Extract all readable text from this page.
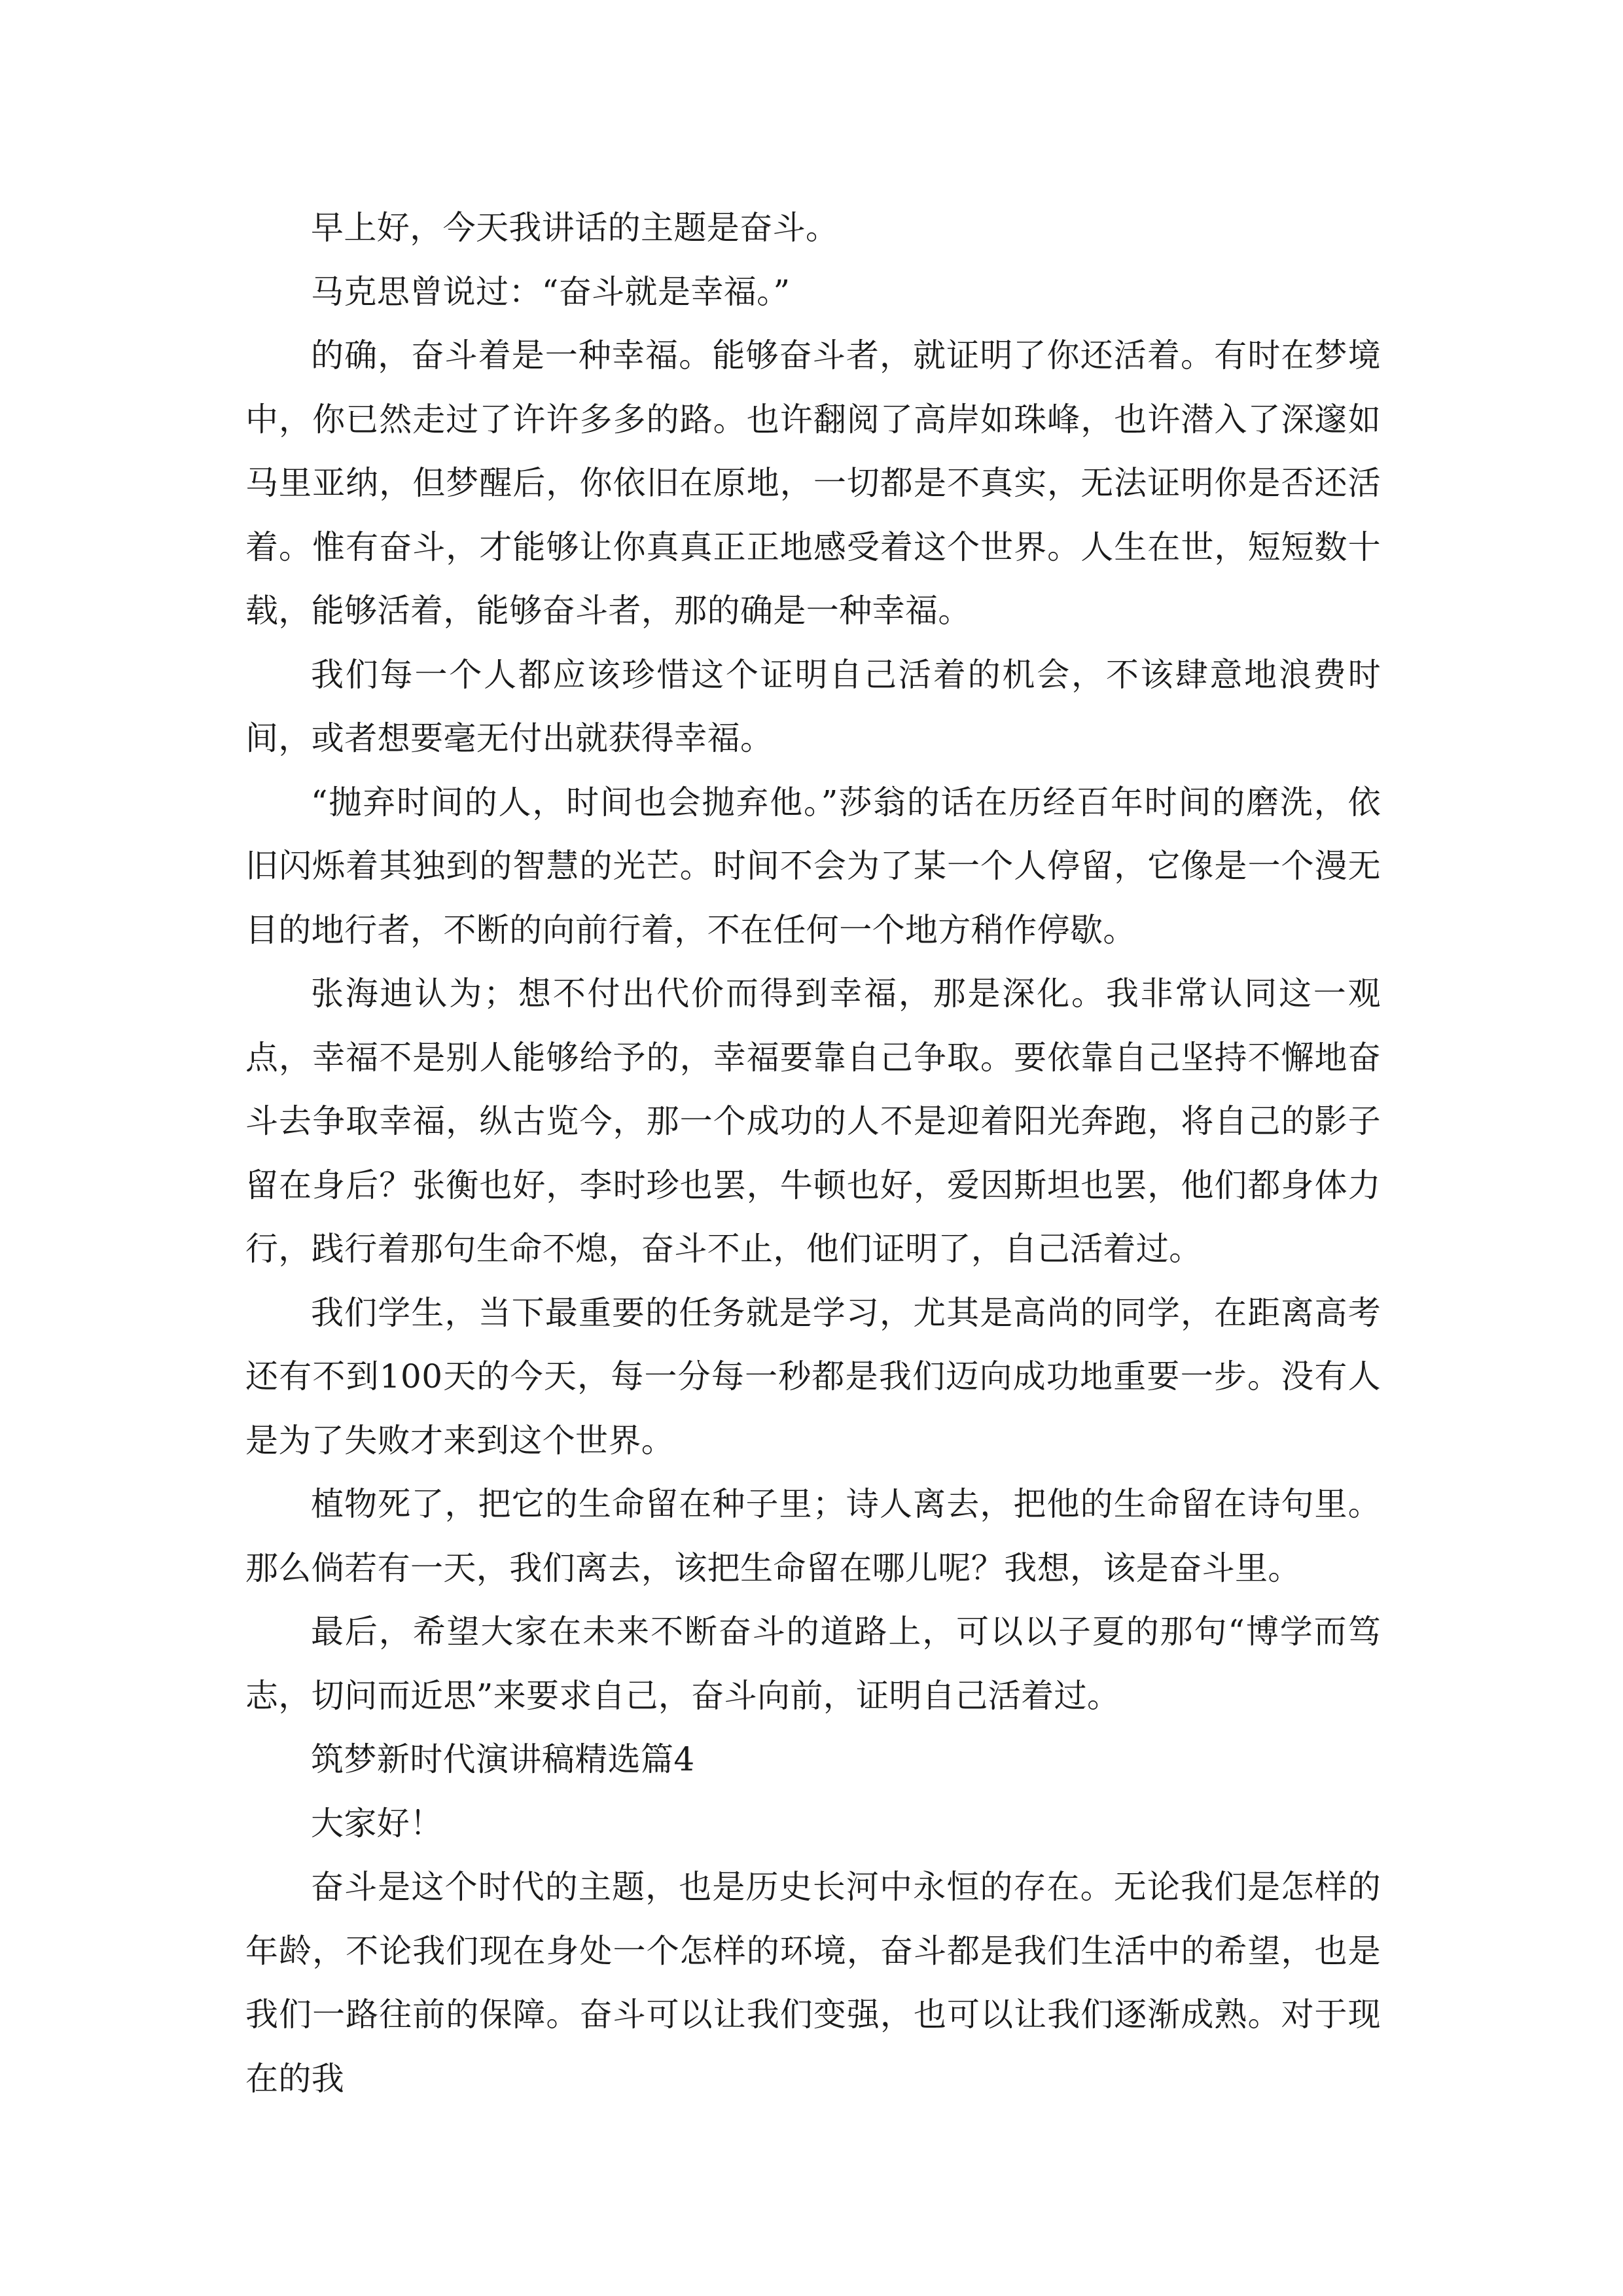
早上好，今天我讲话的主题是奋斗。

马克思曾说过：“奋斗就是幸福。”

的确，奋斗着是一种幸福。能够奋斗者，就证明了你还活着。有时在梦境中，你已然走过了许许多多的路。也许翻阅了高岸如珠峰，也许潜入了深邃如马里亚纳，但梦醒后，你依旧在原地，一切都是不真实，无法证明你是否还活着。惟有奋斗，才能够让你真真正正地感受着这个世界。人生在世，短短数十载，能够活着，能够奋斗者，那的确是一种幸福。

我们每一个人都应该珍惜这个证明自己活着的机会，不该肆意地浪费时间，或者想要毫无付出就获得幸福。

“抛弃时间的人，时间也会抛弃他。”莎翁的话在历经百年时间的磨洗，依旧闪烁着其独到的智慧的光芒。时间不会为了某一个人停留，它像是一个漫无目的地行者，不断的向前行着，不在任何一个地方稍作停歇。

张海迪认为；想不付出代价而得到幸福，那是深化。我非常认同这一观点，幸福不是别人能够给予的，幸福要靠自己争取。要依靠自己坚持不懈地奋斗去争取幸福，纵古览今，那一个成功的人不是迎着阳光奔跑，将自己的影子留在身后？张衡也好，李时珍也罢，牛顿也好，爱因斯坦也罢，他们都身体力行，践行着那句生命不熄，奋斗不止，他们证明了，自己活着过。

我们学生，当下最重要的任务就是学习，尤其是高尚的同学，在距离高考还有不到100天的今天，每一分每一秒都是我们迈向成功地重要一步。没有人是为了失败才来到这个世界。

植物死了，把它的生命留在种子里；诗人离去，把他的生命留在诗句里。那么倘若有一天，我们离去，该把生命留在哪儿呢？我想，该是奋斗里。

最后，希望大家在未来不断奋斗的道路上，可以以子夏的那句“博学而笃志，切问而近思”来要求自己，奋斗向前，证明自己活着过。

筑梦新时代演讲稿精选篇4

大家好！

奋斗是这个时代的主题，也是历史长河中永恒的存在。无论我们是怎样的年龄，不论我们现在身处一个怎样的环境，奋斗都是我们生活中的希望，也是我们一路往前的保障。奋斗可以让我们变强，也可以让我们逐渐成熟。对于现在的我
